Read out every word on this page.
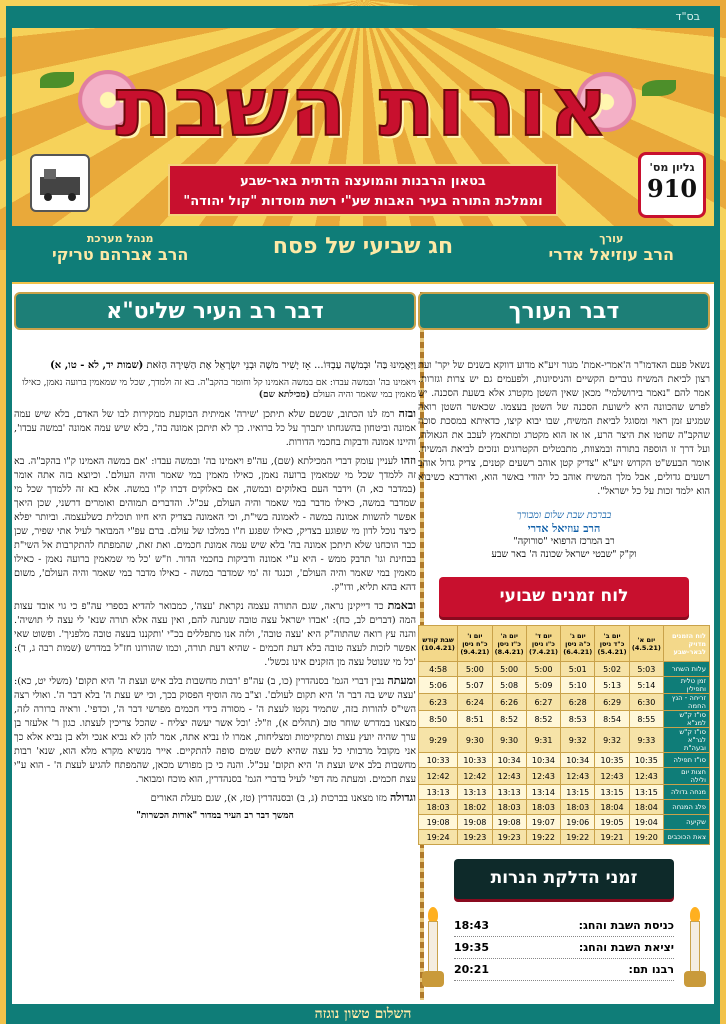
בס"ד
אורות השבת
גליון מס'
910
בטאון הרבנות והמועצה הדתית באר-שבע
וממלכת התורה בעיר האבות שע"י רשת מוסדות "קול יהודה"
עורך
הרב עוזיאל אדרי
חג שביעי של פסח
מנהל מערכת
הרב אברהם טריקי
דבר העורך
נשאל פעם האדמו"ר ה'אמרי-אמת' מגור זיע"א מדוע דווקא בשנים של יקר' ועת רצון לביאת המשיח גוברים הקשיים והניסיונות, ולפעמים גם יש צרות וגזרות. אמר להם "נאמר בירושלמי" מכאן שאין השטן מקטרג אלא בשעת הסכנה. יש לפרש שהכוונה היא לישועת הסכנה של השטן בעצמו. שכאשר השטן רואה שמגיע זמן ראוי ומסוגל לביאת המשיח, שבו יבוא קיצו, כדאיתא במסכת סוכה שהקב"ה שחטו את היצר הרע, או אז הוא מקטרג ומתאמץ לעכב את הגאולה, ועל דרך זו הוספה בתורה ובמצוות, מתבטלים הקטרוגים ונזכים לביאת המשיח. אומר הבעש"ט הקדוש זיע"א "צדיק קטן אוהב רשעים קטנים, צדיק גדול אוהב רשעים גדולים, אבל מלך המשיח אוהב כל יהודי באשר הוא, ואדרבא כשיבוא הוא ילמד זכות על כל ישראל".
בברכת שבת שלום ומבורך
הרב עוזיאל אדרי
רב המרכז הרפואי "סורוקה"
וק"ק "שבטי ישראל שכונה ה' באר שבע
לוח זמנים שבועי
לוח הזמנים
מדויק לבאר-שבע	יום א'
(4.5.21)	יום ב'
כ"ד ניסן
(5.4.21)	יום ג'
כ"ה ניסן
(6.4.21)	יום ד'
כ"ו ניסן
(7.4.21)	יום ה'
כ"ז ניסן
(8.4.21)	יום ו'
כ"ח ניסן
(9.4.21)	שבת קודש
(10.4.21)
עלות השחר	5:03	5:02	5:01	5:00	5:00	5:00	4:58
זמן טלית ותפילין	5:14	5:13	5:10	5:09	5:08	5:07	5:06
זריחה - הנץ החמה	6:30	6:29	6:28	6:27	6:26	6:24	6:23
סו"ז ק"ש למג"א	8:55	8:54	8:53	8:52	8:52	8:51	8:50
סו"ז ק"ש לגר"א ובעה"ת	9:33	9:32	9:32	9:31	9:30	9:30	9:29
סו"ז תפילה	10:35	10:35	10:34	10:34	10:34	10:33	10:33
חצות יום ולילה	12:43	12:43	12:43	12:43	12:43	12:42	12:42
מנחה גדולה	13:15	13:15	13:15	13:14	13:13	13:13	13:13
פלג המנחה	18:04	18:04	18:03	18:03	18:03	18:02	18:03
שקיעה	19:04	19:05	19:06	19:07	19:08	19:08	19:08
צאת הכוכבים	19:20	19:21	19:22	19:22	19:23	19:23	19:24
זמני הדלקת הנרות
כניסת השבת והחג:
18:43
יציאת השבת והחג:
19:35
רבנו תם:
20:21
דבר רב העיר שליט"א
וַיַּאֲמִינוּ בַּה' וּבְמשֶׁה עַבְדּוֹ... אָז יָשִׁיר משֶׁה וּבְנֵי יִשְׂרָאֵל אֶת הַשִּׁירָה הַזֹּאת (שמות יד, לא - טו, א)
ויאמינו בה' ובמשה עבדו: אם במשה האמינו קל וחומר בהקב"ה. בא זה ולמדך, שכל מי שמאמין ברועה נאמן, כאילו מאמין במי שאמר והיה העולם (מכילתא שם)
ובזה רמז לנו הכתוב, שכשם שלא תיתכן 'שירה' אמיתית הבוקעת ממקירות לבו של האדם, בלא שיש עמה אמונה וביטחון בהשגחתו יתברך על כל ברואיו. כך לא תיתכן אמונה בה', בלא שיש עמה אמונה 'במשה עבדו', והיינו אמונה ודבקות בחכמי הדורות.
וזהו לעניין עומק דברי המכילתא (שם), עה"פ ויאמינו בה' ובמשה עבדו: 'אם במשה האמינו ק"ו בהקב"ה. בא זה ללמדך שכל מי שמאמין ברועה נאמן, כאילו מאמין במי שאמר והיה העולם'. וכיוצא בזה אתה אומר (במדבר כא, ה) וידבר העם באלוקים ובמשה, אם באלוקים דברו ק"ו במשה. אלא בא זה ללמדך שכל מי שמדבר במשה, כאילו מדבר במי שאמר והיה העולם, עכ"ל. והדברים תמוהים ואומרים דרשני, שכן היאך אפשר להשוות אמונה במשה - לאמונה בשי"ת, וכי האמונה בצדיק היא חיוו תוכלית כשלעצמה. וביותר יפלא כיצד נוכל לדון מי שפוגע בצדיק, כאילו שפגע ח"ו במלכו של עולם. ברם עפ"י המבואר לעיל אתי שפיר, שכן כבר הוכחנו שלא תיתכן אמונה בה' בלא שיש עמה אמונת חכמים. ואת זאת, שהמפתח להתקרבות אל השי"ת בבחינת וגו' תדבק ממש - היא ע"י אמונה ודביקות בחכמי הדור. וז"ש 'כל מי שמאמין ברועה נאמן - כאילו מאמין במי שאמר והיה העולם', וכנגד זה 'מי שמדבר במשה - כאילו מדבר במי שאמר והיה העולם', משום דהא בהא תליא, ודו"ק.
ובאמת כד דייקינן נראה, שגם התורה עצמה נקראת 'עצה', כמבואר להדיא בספרי עה"פ כי גוי אובד עצות המה (דברים לב, כח): 'אבדו ישראל עצה טובה שנתנה להם, ואין עצה אלא תורה שנא' לי עצה לי תושיה'. והנה עץ רואה שהתוה"ק היא 'עצה טובה', ולזה אנו מתפללים בכ"י 'ותקננו בעצה טובה מלפניך'. ופשוט שאי אפשר לזכות לעצה טובה בלא דעת חכמים - שהיא דעת תורה, וכמו שהורונו חז"ל במדרש (שמות רבה ג, ד): 'כל מי שנוטל עצה מן הזקנים אינו נכשל'.
ומעתה נבין דברי הגמ' בסנהדרין (כו, ב) עה"פ 'רבות מחשבות בלב איש ועצת ה' היא תקום' (משלי יט, כא): 'עצה שיש בה דבר ה' היא תקום לעולם'. וצ"ב מה הוסיף הפסוק בכך, וכי יש עצת ה' בלא דבר ה'. ואולי רצה השי"ס להורות בזה, שתמיד נקטו לעצת ה' - מסורה בידי חכמים מפרשי דבר ה', וכדפי'. וראיה ברורה לזה, מצאנו במדרש שוחר טוב (תהלים א), וז"ל: 'וכל אשר יעשה יצליח - שהכל צריכין לעצתו. כגון ר' אלעזר בן ערך שהיה יועץ עצות ומתקיימות ומצליחות, אמרו לו נביא אתה, אמר להן לא נביא אנכי ולא בן נביא אלא כך אני מקובל מרבותי כל עצה שהיא לשם שמים סופה להתקיים. אייר מנשיא מקרא מלא הוא, שנא' רבות מחשבות בלב איש ועצת ה' היא תקום' עכ"ל. והנה כי כן מפורש מכאן, שהמפתח להגיע לעצת ה' - הוא ע"י עצת חכמים. ומעתה מה דפי' לעיל בדברי הגמ' בסנהדרין, הוא מוכח ומבואר.
וגדולה מזו מצאנו בברכות (ג, ב) ובסנהדרין (טז, א), שגם מעלת האורים
המשך דבר רב העיר במדור "אורות הכשרות"
השלום טשון נוגזה
